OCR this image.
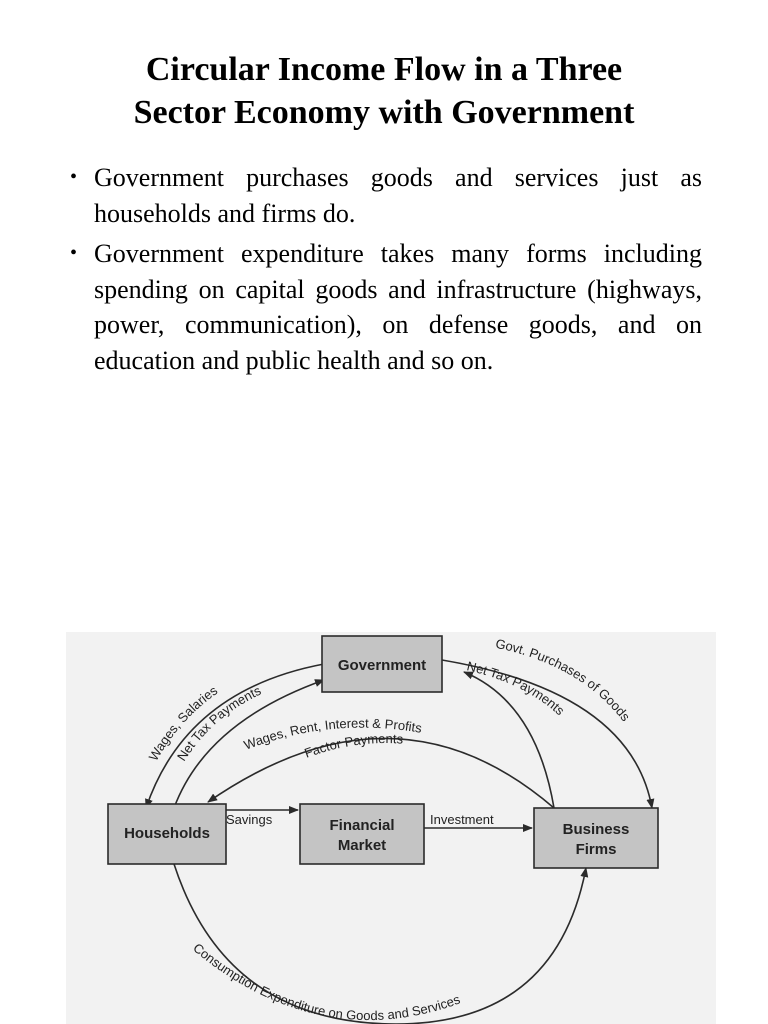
Circular Income Flow in a Three
Sector Economy with Government
• Government purchases goods and services just as households and firms do.
• Government expenditure takes many forms including spending on capital goods and infrastructure (highways, power, communication), on defense goods, and on education and public health and so on.
Government
Households	Financial
Market
Business
Firms
Wages, Salaries
Net Tax Payments
Govt. Purchases of Goods
Net Tax Payments
Wages, Rent, Interest & Profits
Factor Payments
Savings	Investment
Consumption Expenditure on Goods and Services
